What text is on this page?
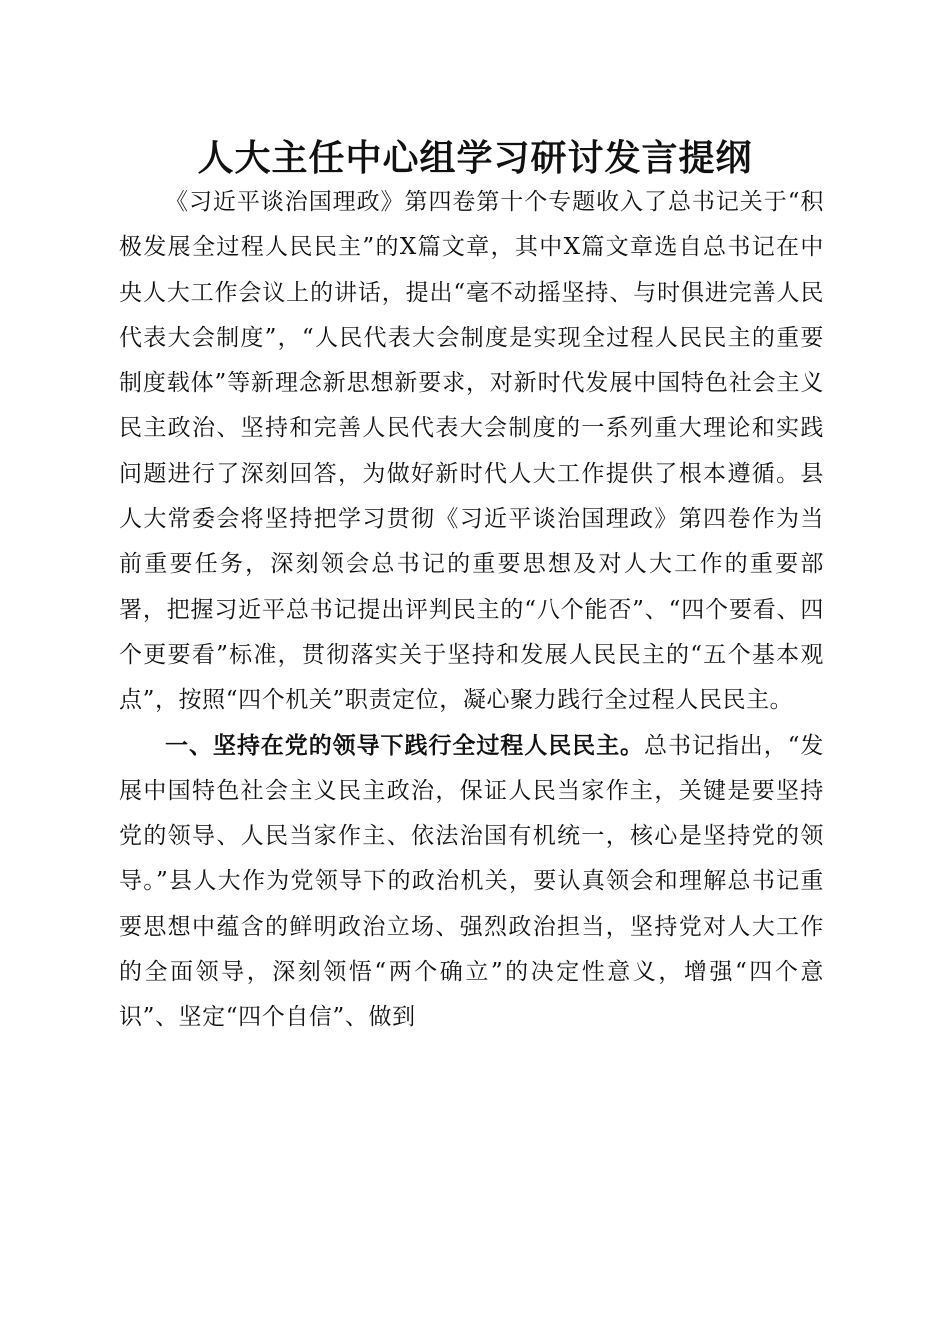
人大主任中心组学习研讨发言提纲

《习近平谈治国理政》第四卷第十个专题收入了总书记关于“积极发展全过程人民民主”的X篇文章，其中X篇文章选自总书记在中央人大工作会议上的讲话，提出“毫不动摇坚持、与时俱进完善人民代表大会制度”，“人民代表大会制度是实现全过程人民民主的重要制度载体”等新理念新思想新要求，对新时代发展中国特色社会主义民主政治、坚持和完善人民代表大会制度的一系列重大理论和实践问题进行了深刻回答，为做好新时代人大工作提供了根本遵循。县人大常委会将坚持把学习贯彻《习近平谈治国理政》第四卷作为当前重要任务，深刻领会总书记的重要思想及对人大工作的重要部署，把握习近平总书记提出评判民主的“八个能否”、“四个要看、四个更要看”标准，贯彻落实关于坚持和发展人民民主的“五个基本观点”，按照“四个机关”职责定位，凝心聚力践行全过程人民民主。

一、坚持在党的领导下践行全过程人民民主。总书记指出，“发展中国特色社会主义民主政治，保证人民当家作主，关键是要坚持党的领导、人民当家作主、依法治国有机统一，核心是坚持党的领导。”县人大作为党领导下的政治机关，要认真领会和理解总书记重要思想中蕴含的鲜明政治立场、强烈政治担当，坚持党对人大工作的全面领导，深刻领悟“两个确立”的决定性意义，增强“四个意识”、坚定“四个自信”、做到
